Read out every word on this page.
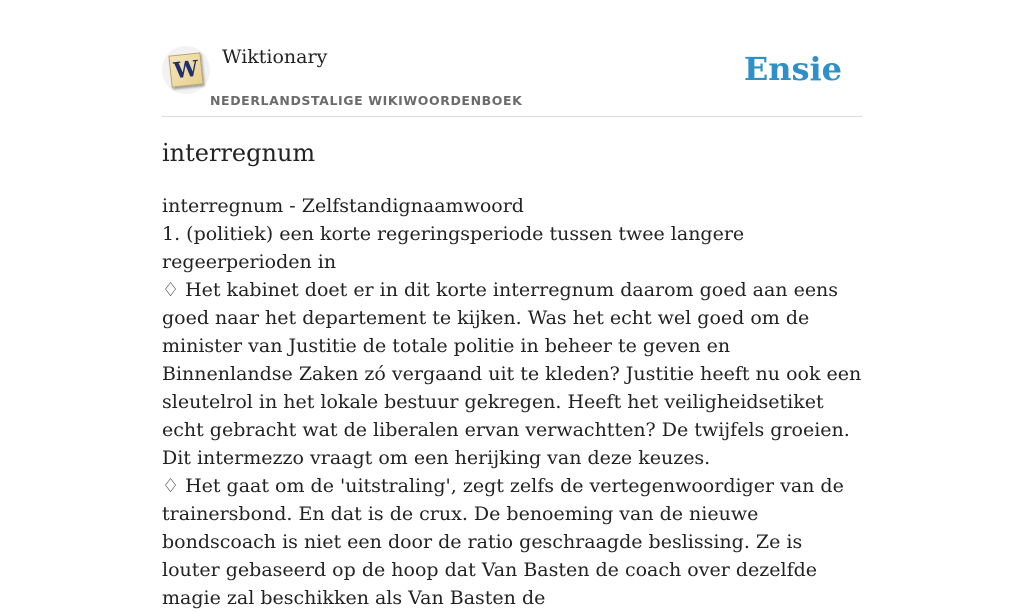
W Wiktionary
NEDERLANDSTALIGE WIKIWOORDENBOEK
Ensie
interregnum

interregnum - Zelfstandignaamwoord

1. (politiek) een korte regeringsperiode tussen twee langere regeerperioden in

♢ Het kabinet doet er in dit korte interregnum daarom goed aan eens goed naar het departement te kijken. Was het echt wel goed om de minister van Justitie de totale politie in beheer te geven en Binnenlandse Zaken zó vergaand uit te kleden? Justitie heeft nu ook een sleutelrol in het lokale bestuur gekregen. Heeft het veiligheidsetiket echt gebracht wat de liberalen ervan verwachtten? De twijfels groeien. Dit intermezzo vraagt om een herijking van deze keuzes.

♢ Het gaat om de 'uitstraling', zegt zelfs de vertegenwoordiger van de trainersbond. En dat is de crux. De benoeming van de nieuwe bondscoach is niet een door de ratio geschraagde beslissing. Ze is louter gebaseerd op de hoop dat Van Basten de coach over dezelfde magie zal beschikken als Van Basten de
